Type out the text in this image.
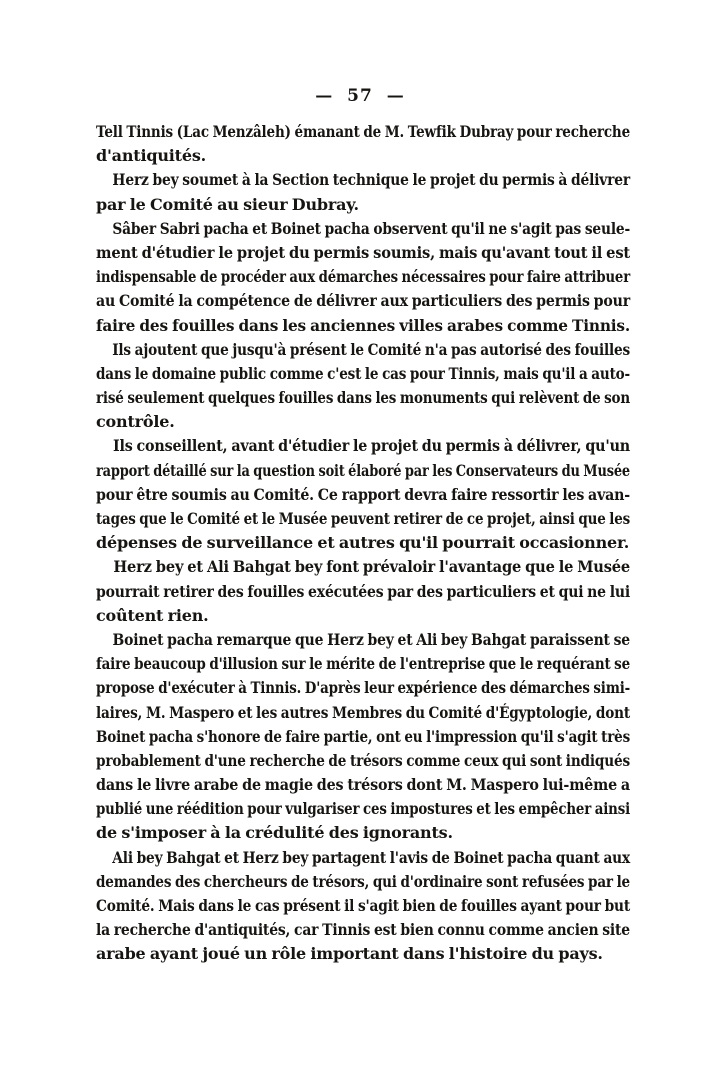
— 57 —
Tell Tinnis (Lac Menzâleh) émanant de M. Tewfik Dubray pour recherche
d'antiquités.
Herz bey soumet à la Section technique le projet du permis à délivrer
par le Comité au sieur Dubray.
Sâber Sabri pacha et Boinet pacha observent qu'il ne s'agit pas seule-
ment d'étudier le projet du permis soumis, mais qu'avant tout il est
indispensable de procéder aux démarches nécessaires pour faire attribuer
au Comité la compétence de délivrer aux particuliers des permis pour
faire des fouilles dans les anciennes villes arabes comme Tinnis.
Ils ajoutent que jusqu'à présent le Comité n'a pas autorisé des fouilles
dans le domaine public comme c'est le cas pour Tinnis, mais qu'il a auto-
risé seulement quelques fouilles dans les monuments qui relèvent de son
contrôle.
Ils conseillent, avant d'étudier le projet du permis à délivrer, qu'un
rapport détaillé sur la question soit élaboré par les Conservateurs du Musée
pour être soumis au Comité. Ce rapport devra faire ressortir les avan-
tages que le Comité et le Musée peuvent retirer de ce projet, ainsi que les
dépenses de surveillance et autres qu'il pourrait occasionner.
Herz bey et Ali Bahgat bey font prévaloir l'avantage que le Musée
pourrait retirer des fouilles exécutées par des particuliers et qui ne lui
coûtent rien.
Boinet pacha remarque que Herz bey et Ali bey Bahgat paraissent se
faire beaucoup d'illusion sur le mérite de l'entreprise que le requérant se
propose d'exécuter à Tinnis. D'après leur expérience des démarches simi-
laires, M. Maspero et les autres Membres du Comité d'Égyptologie, dont
Boinet pacha s'honore de faire partie, ont eu l'impression qu'il s'agit très
probablement d'une recherche de trésors comme ceux qui sont indiqués
dans le livre arabe de magie des trésors dont M. Maspero lui-même a
publié une réédition pour vulgariser ces impostures et les empêcher ainsi
de s'imposer à la crédulité des ignorants.
Ali bey Bahgat et Herz bey partagent l'avis de Boinet pacha quant aux
demandes des chercheurs de trésors, qui d'ordinaire sont refusées par le
Comité. Mais dans le cas présent il s'agit bien de fouilles ayant pour but
la recherche d'antiquités, car Tinnis est bien connu comme ancien site
arabe ayant joué un rôle important dans l'histoire du pays.
